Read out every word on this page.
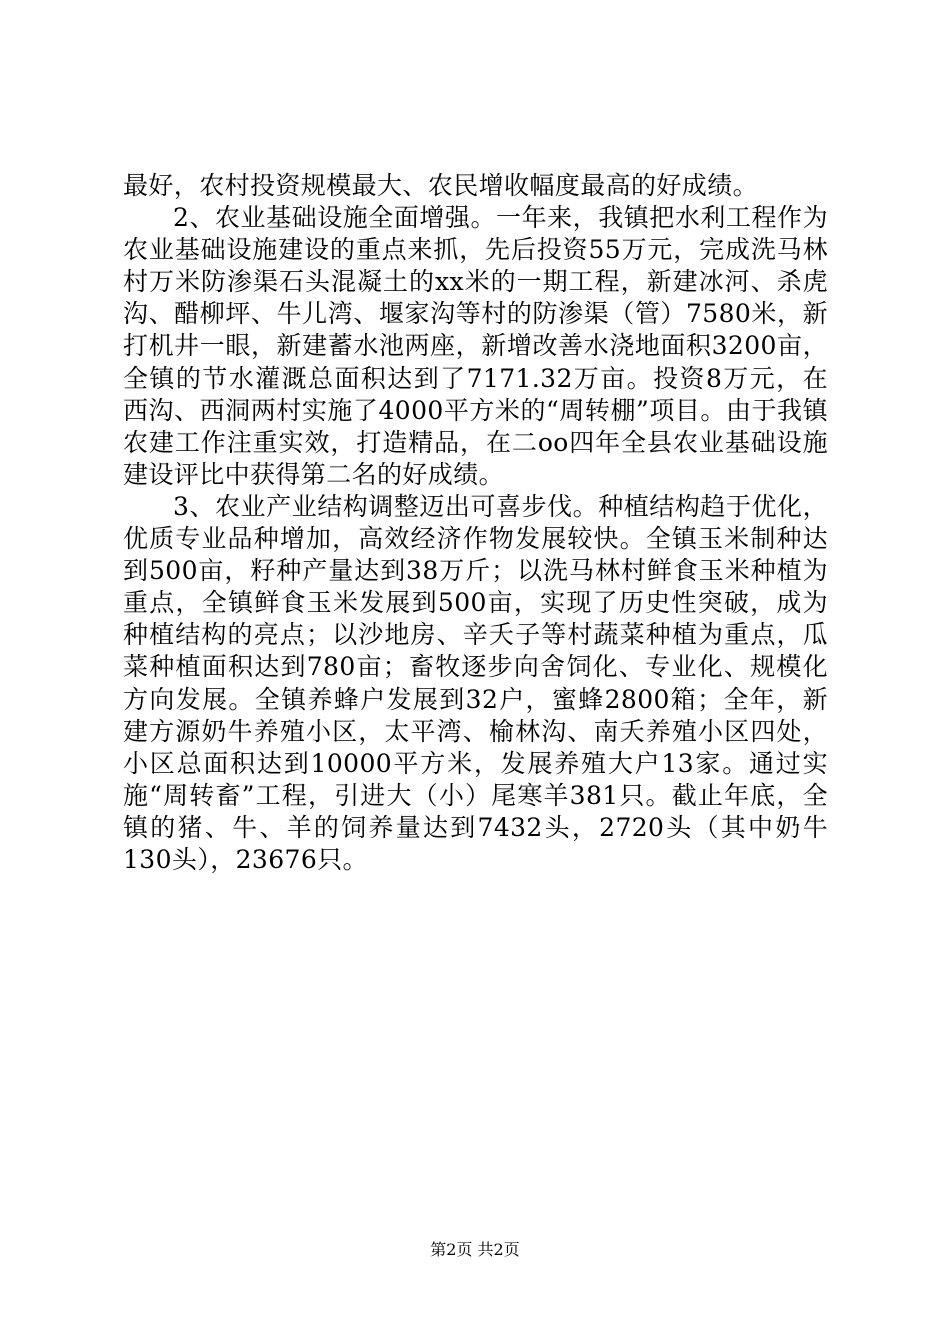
最好，农村投资规模最大、农民增收幅度最高的好成绩。

2、农业基础设施全面增强。一年来，我镇把水利工程作为农业基础设施建设的重点来抓，先后投资55万元，完成洗马林村万米防渗渠石头混凝土的xx米的一期工程，新建冰河、杀虎沟、醋柳坪、牛儿湾、堰家沟等村的防渗渠（管）7580米，新打机井一眼，新建蓄水池两座，新增改善水浇地面积3200亩，全镇的节水灌溉总面积达到了7171.32万亩。投资8万元，在西沟、西洞两村实施了4000平方米的“周转棚”项目。由于我镇农建工作注重实效，打造精品，在二oo四年全县农业基础设施建设评比中获得第二名的好成绩。

3、农业产业结构调整迈出可喜步伐。种植结构趋于优化，优质专业品种增加，高效经济作物发展较快。全镇玉米制种达到500亩，籽种产量达到38万斤；以洗马林村鲜食玉米种植为重点，全镇鲜食玉米发展到500亩，实现了历史性突破，成为种植结构的亮点；以沙地房、辛夭子等村蔬菜种植为重点，瓜菜种植面积达到780亩；畜牧逐步向舍饲化、专业化、规模化方向发展。全镇养蜂户发展到32户，蜜蜂2800箱；全年，新建方源奶牛养殖小区，太平湾、榆林沟、南夭养殖小区四处，小区总面积达到10000平方米，发展养殖大户13家。通过实施“周转畜”工程，引进大（小）尾寒羊381只。截止年底，全镇的猪、牛、羊的饲养量达到7432头，2720头（其中奶牛130头），23676只。

第2页 共2页
